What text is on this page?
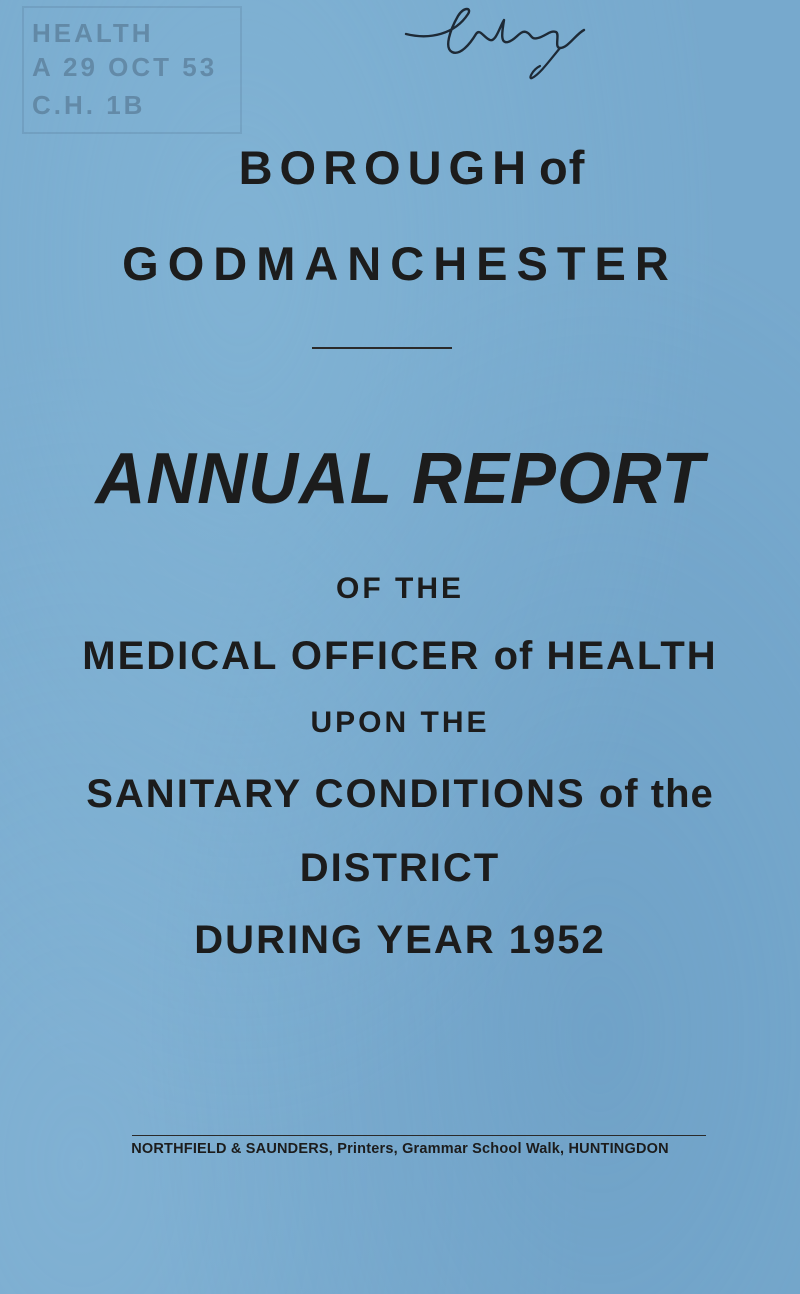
HEALTH
A 29 OCT 53
C.H. 1B
BOROUGH of
GODMANCHESTER
ANNUAL REPORT
OF THE
MEDICAL OFFICER of HEALTH
UPON THE
SANITARY CONDITIONS of the
DISTRICT
DURING YEAR 1952
NORTHFIELD & SAUNDERS, Printers, Grammar School Walk, HUNTINGDON
